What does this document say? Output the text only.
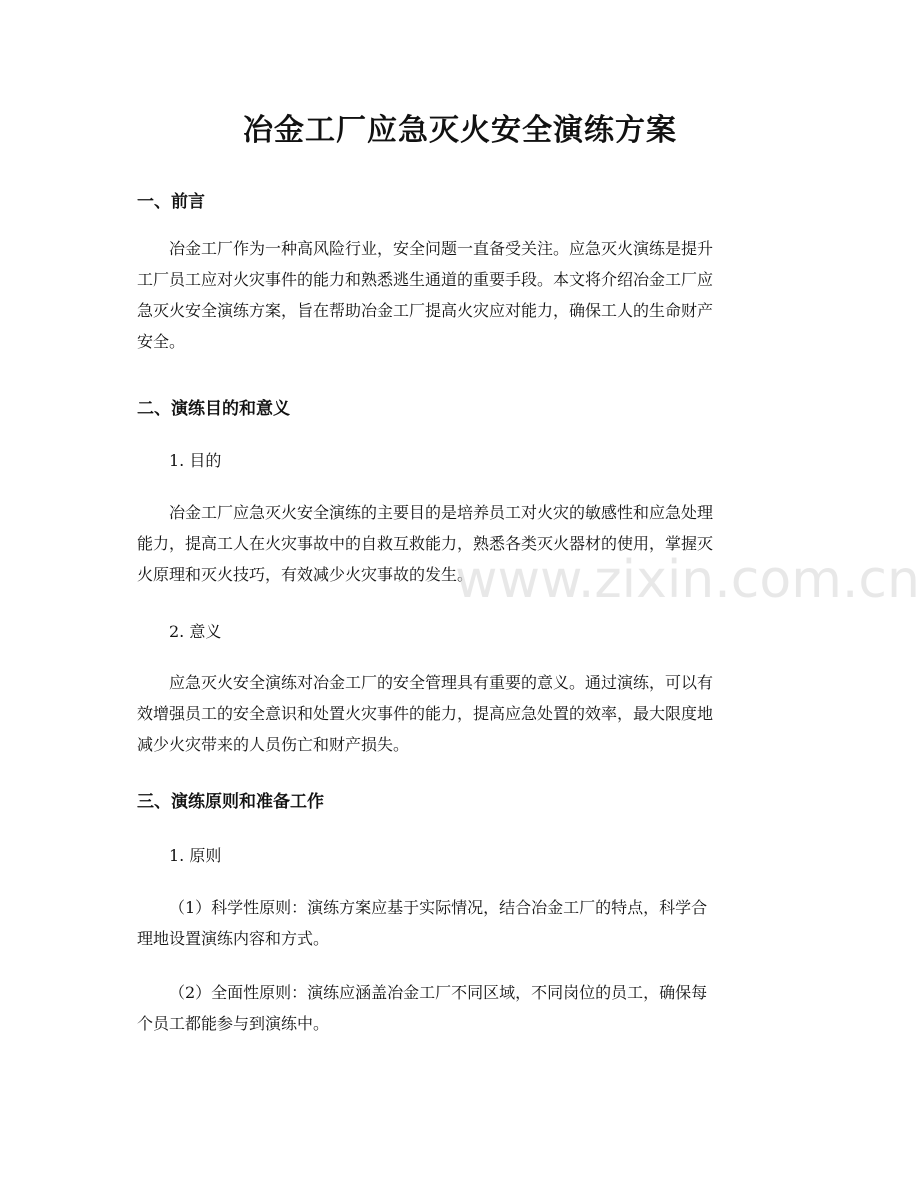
冶金工厂应急灭火安全演练方案
一、前言

冶金工厂作为一种高风险行业，安全问题一直备受关注。应急灭火演练是提升
工厂员工应对火灾事件的能力和熟悉逃生通道的重要手段。本文将介绍冶金工厂应
急灭火安全演练方案，旨在帮助冶金工厂提高火灾应对能力，确保工人的生命财产
安全。

二、演练目的和意义

1. 目的

冶金工厂应急灭火安全演练的主要目的是培养员工对火灾的敏感性和应急处理
能力，提高工人在火灾事故中的自救互救能力，熟悉各类灭火器材的使用，掌握灭
火原理和灭火技巧，有效减少火灾事故的发生。

2. 意义

应急灭火安全演练对冶金工厂的安全管理具有重要的意义。通过演练，可以有
效增强员工的安全意识和处置火灾事件的能力，提高应急处置的效率，最大限度地
减少火灾带来的人员伤亡和财产损失。

三、演练原则和准备工作

1. 原则

（1）科学性原则：演练方案应基于实际情况，结合冶金工厂的特点，科学合
理地设置演练内容和方式。

（2）全面性原则：演练应涵盖冶金工厂不同区域，不同岗位的员工，确保每
个员工都能参与到演练中。

www.zixin.com.cn
